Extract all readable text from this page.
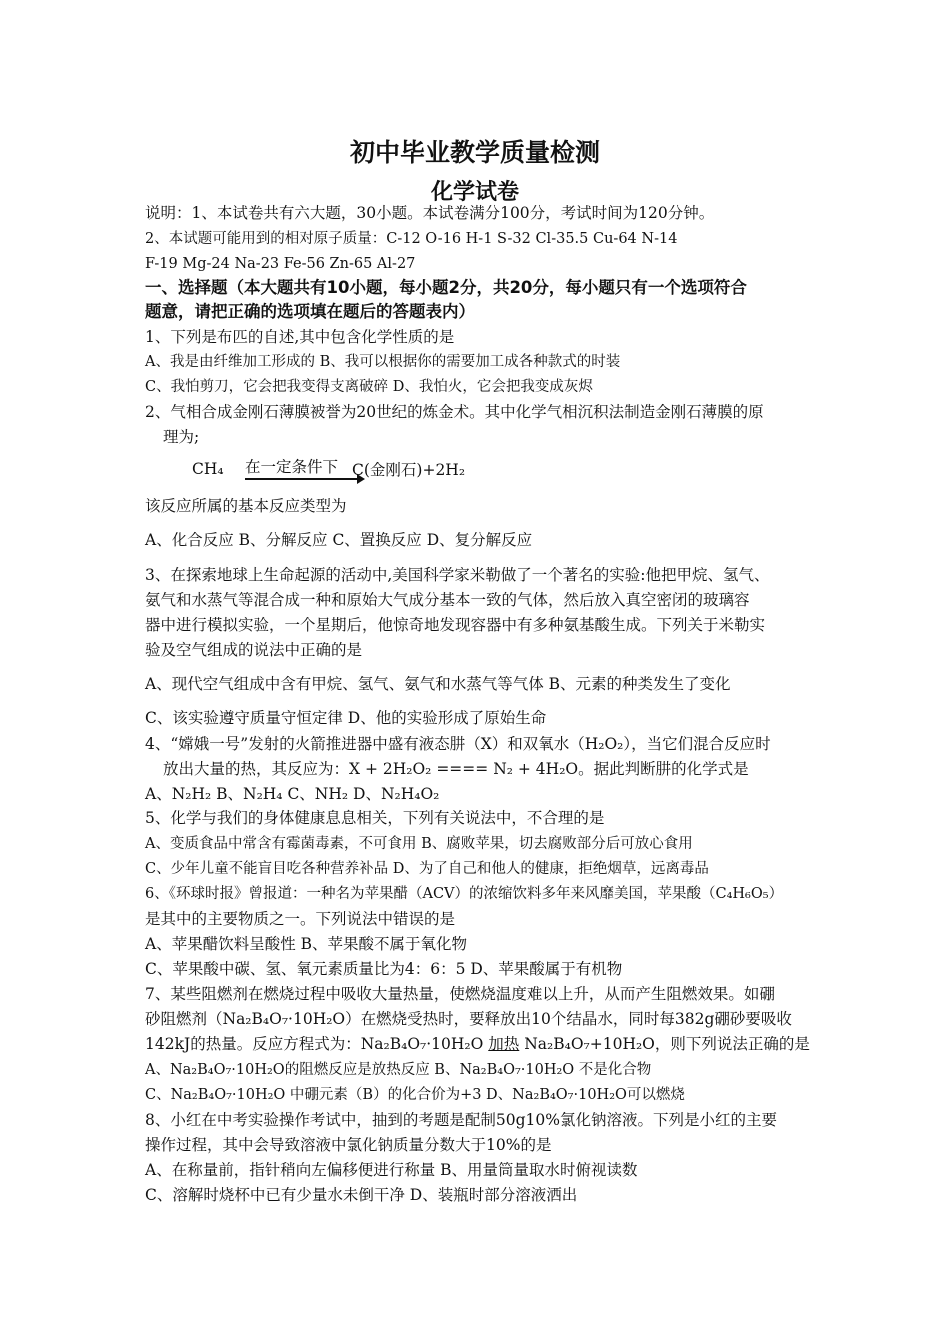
初中毕业教学质量检测
化学试卷
说明：1、本试卷共有六大题，30小题。本试卷满分100分，考试时间为120分钟。
2、本试题可能用到的相对原子质量：C-12 O-16 H-1 S-32 Cl-35.5 Cu-64 N-14
F-19 Mg-24 Na-23 Fe-56 Zn-65 Al-27
一、选择题（本大题共有10小题，每小题2分，共20分，每小题只有一个选项符合
题意，请把正确的选项填在题后的答题表内）
1、下列是布匹的自述,其中包含化学性质的是
A、我是由纤维加工形成的 B、我可以根据你的需要加工成各种款式的时装
C、我怕剪刀，它会把我变得支离破碎 D、我怕火，它会把我变成灰烬
2、气相合成金刚石薄膜被誉为20世纪的炼金术。其中化学气相沉积法制造金刚石薄膜的原
理为;
CH₄ 在一定条件下 C(金刚石)+2H₂
该反应所属的基本反应类型为
A、化合反应 B、分解反应 C、置换反应 D、复分解反应
3、在探索地球上生命起源的活动中,美国科学家米勒做了一个著名的实验:他把甲烷、氢气、
氨气和水蒸气等混合成一种和原始大气成分基本一致的气体，然后放入真空密闭的玻璃容
器中进行模拟实验，一个星期后，他惊奇地发现容器中有多种氨基酸生成。下列关于米勒实
验及空气组成的说法中正确的是
A、现代空气组成中含有甲烷、氢气、氨气和水蒸气等气体 B、元素的种类发生了变化
C、该实验遵守质量守恒定律 D、他的实验形成了原始生命
4、“嫦娥一号”发射的火箭推进器中盛有液态肼（X）和双氧水（H₂O₂），当它们混合反应时
放出大量的热，其反应为：X + 2H₂O₂ ==== N₂ + 4H₂O。据此判断肼的化学式是
A、N₂H₂ B、N₂H₄ C、NH₂ D、N₂H₄O₂
5、化学与我们的身体健康息息相关，下列有关说法中，不合理的是
A、变质食品中常含有霉菌毒素，不可食用 B、腐败苹果，切去腐败部分后可放心食用
C、少年儿童不能盲目吃各种营养补品 D、为了自己和他人的健康，拒绝烟草，远离毒品
6、《环球时报》曾报道：一种名为苹果醋（ACV）的浓缩饮料多年来风靡美国，苹果酸（C₄H₆O₅）
是其中的主要物质之一。下列说法中错误的是
A、苹果醋饮料呈酸性 B、苹果酸不属于氧化物
C、苹果酸中碳、氢、氧元素质量比为4：6：5 D、苹果酸属于有机物
7、某些阻燃剂在燃烧过程中吸收大量热量，使燃烧温度难以上升，从而产生阻燃效果。如硼
砂阻燃剂（Na₂B₄O₇·10H₂O）在燃烧受热时，要释放出10个结晶水，同时每382g硼砂要吸收
142kJ的热量。反应方程式为：Na₂B₄O₇·10H₂O 加热 Na₂B₄O₇+10H₂O，则下列说法正确的是
A、Na₂B₄O₇·10H₂O的阻燃反应是放热反应 B、Na₂B₄O₇·10H₂O 不是化合物
C、Na₂B₄O₇·10H₂O 中硼元素（B）的化合价为+3 D、Na₂B₄O₇·10H₂O可以燃烧
8、小红在中考实验操作考试中，抽到的考题是配制50g10%氯化钠溶液。下列是小红的主要
操作过程，其中会导致溶液中氯化钠质量分数大于10%的是
A、在称量前，指针稍向左偏移便进行称量 B、用量筒量取水时俯视读数
C、溶解时烧杯中已有少量水未倒干净 D、装瓶时部分溶液洒出
